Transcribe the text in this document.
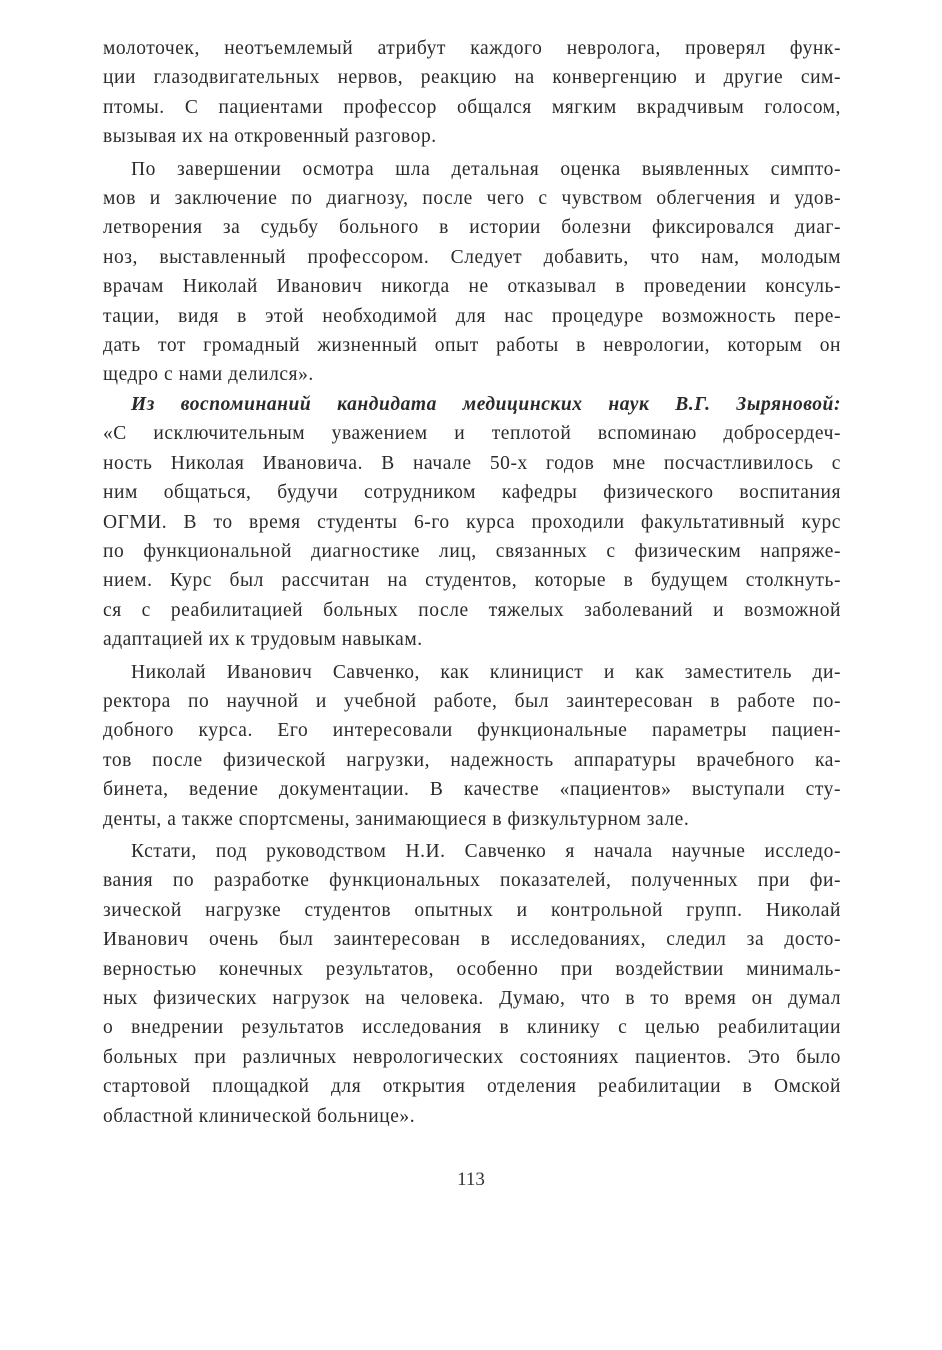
молоточек, неотъемлемый атрибут каждого невролога, проверял функ-
ции глазодвигательных нервов, реакцию на конвергенцию и другие сим-
птомы. С пациентами профессор общался мягким вкрадчивым голосом,
вызывая их на откровенный разговор.
По завершении осмотра шла детальная оценка выявленных симпто-
мов и заключение по диагнозу, после чего с чувством облегчения и удов-
летворения за судьбу больного в истории болезни фиксировался диаг-
ноз, выставленный профессором. Следует добавить, что нам, молодым
врачам Николай Иванович никогда не отказывал в проведении консуль-
тации, видя в этой необходимой для нас процедуре возможность пере-
дать тот громадный жизненный опыт работы в неврологии, которым он
щедро с нами делился».
Из воспоминаний кандидата медицинских наук В.Г. Зыряновой:
«С исключительным уважением и теплотой вспоминаю добросердеч-
ность Николая Ивановича. В начале 50-х годов мне посчастливилось с
ним общаться, будучи сотрудником кафедры физического воспитания
ОГМИ. В то время студенты 6-го курса проходили факультативный курс
по функциональной диагностике лиц, связанных с физическим напряже-
нием. Курс был рассчитан на студентов, которые в будущем столкнуть-
ся с реабилитацией больных после тяжелых заболеваний и возможной
адаптацией их к трудовым навыкам.
Николай Иванович Савченко, как клиницист и как заместитель ди-
ректора по научной и учебной работе, был заинтересован в работе по-
добного курса. Его интересовали функциональные параметры пациен-
тов после физической нагрузки, надежность аппаратуры врачебного ка-
бинета, ведение документации. В качестве «пациентов» выступали сту-
денты, а также спортсмены, занимающиеся в физкультурном зале.
Кстати, под руководством Н.И. Савченко я начала научные исследо-
вания по разработке функциональных показателей, полученных при фи-
зической нагрузке студентов опытных и контрольной групп. Николай
Иванович очень был заинтересован в исследованиях, следил за досто-
верностью конечных результатов, особенно при воздействии минималь-
ных физических нагрузок на человека. Думаю, что в то время он думал
о внедрении результатов исследования в клинику с целью реабилитации
больных при различных неврологических состояниях пациентов. Это было
стартовой площадкой для открытия отделения реабилитации в Омской
областной клинической больнице».
113
